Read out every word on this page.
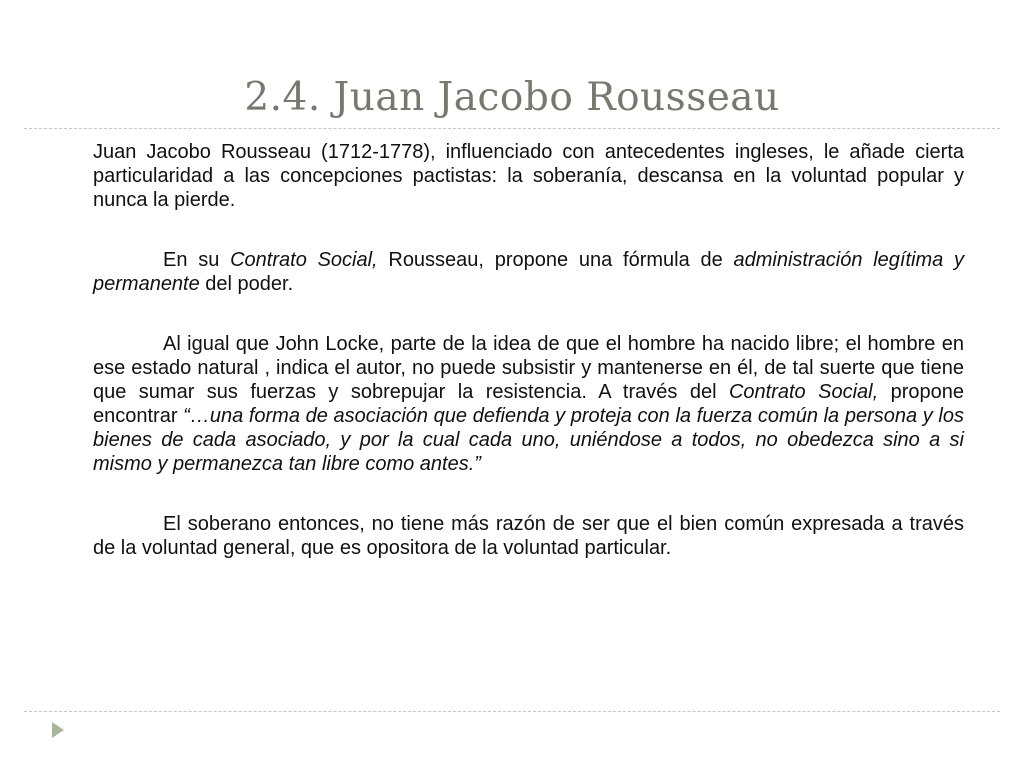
2.4. Juan Jacobo Rousseau

Juan Jacobo Rousseau (1712-1778), influenciado con antecedentes ingleses, le añade cierta particularidad a las concepciones pactistas: la soberanía, descansa en la voluntad popular y nunca la pierde.

En su Contrato Social, Rousseau, propone una fórmula de administración legítima y permanente del poder.

Al igual que John Locke, parte de la idea de que el hombre ha nacido libre; el hombre en ese estado natural , indica el autor, no puede subsistir y mantenerse en él, de tal suerte que tiene que sumar sus fuerzas y sobrepujar la resistencia. A través del Contrato Social, propone encontrar “…una forma de asociación que defienda y proteja con la fuerza común la persona y los bienes de cada asociado, y por la cual cada uno, uniéndose a todos, no obedezca sino a si mismo y permanezca tan libre como antes.”

El soberano entonces, no tiene más razón de ser que el bien común expresada a través de la voluntad general, que es opositora de la voluntad particular.
